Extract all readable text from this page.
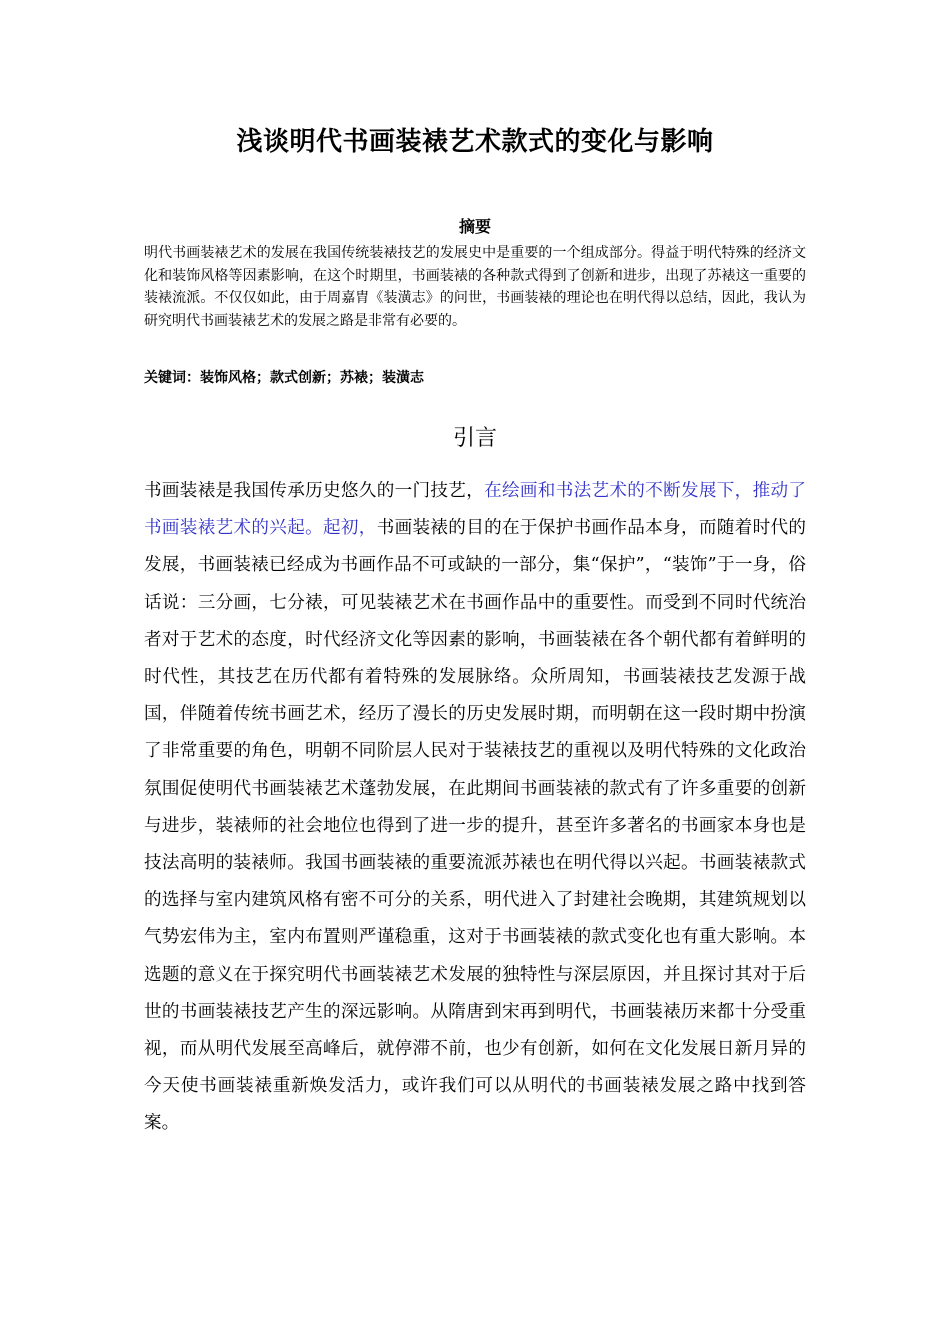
浅谈明代书画装裱艺术款式的变化与影响
摘要

明代书画装裱艺术的发展在我国传统装裱技艺的发展史中是重要的一个组成部分。得益于明代特殊的经济文化和装饰风格等因素影响，在这个时期里，书画装裱的各种款式得到了创新和进步，出现了苏裱这一重要的装裱流派。不仅仅如此，由于周嘉胄《装潢志》的问世，书画装裱的理论也在明代得以总结，因此，我认为研究明代书画装裱艺术的发展之路是非常有必要的。

关键词：装饰风格；款式创新；苏裱；装潢志

引言

书画装裱是我国传承历史悠久的一门技艺，在绘画和书法艺术的不断发展下，推动了书画装裱艺术的兴起。起初，书画装裱的目的在于保护书画作品本身，而随着时代的发展，书画装裱已经成为书画作品不可或缺的一部分，集“保护”，“装饰”于一身，俗话说：三分画，七分裱，可见装裱艺术在书画作品中的重要性。而受到不同时代统治者对于艺术的态度，时代经济文化等因素的影响，书画装裱在各个朝代都有着鲜明的时代性，其技艺在历代都有着特殊的发展脉络。众所周知，书画装裱技艺发源于战国，伴随着传统书画艺术，经历了漫长的历史发展时期，而明朝在这一段时期中扮演了非常重要的角色，明朝不同阶层人民对于装裱技艺的重视以及明代特殊的文化政治氛围促使明代书画装裱艺术蓬勃发展，在此期间书画装裱的款式有了许多重要的创新与进步，装裱师的社会地位也得到了进一步的提升，甚至许多著名的书画家本身也是技法高明的装裱师。我国书画装裱的重要流派苏裱也在明代得以兴起。书画装裱款式的选择与室内建筑风格有密不可分的关系，明代进入了封建社会晚期，其建筑规划以气势宏伟为主，室内布置则严谨稳重，这对于书画装裱的款式变化也有重大影响。本选题的意义在于探究明代书画装裱艺术发展的独特性与深层原因，并且探讨其对于后世的书画装裱技艺产生的深远影响。从隋唐到宋再到明代，书画装裱历来都十分受重视，而从明代发展至高峰后，就停滞不前，也少有创新，如何在文化发展日新月异的今天使书画装裱重新焕发活力，或许我们可以从明代的书画装裱发展之路中找到答案。
